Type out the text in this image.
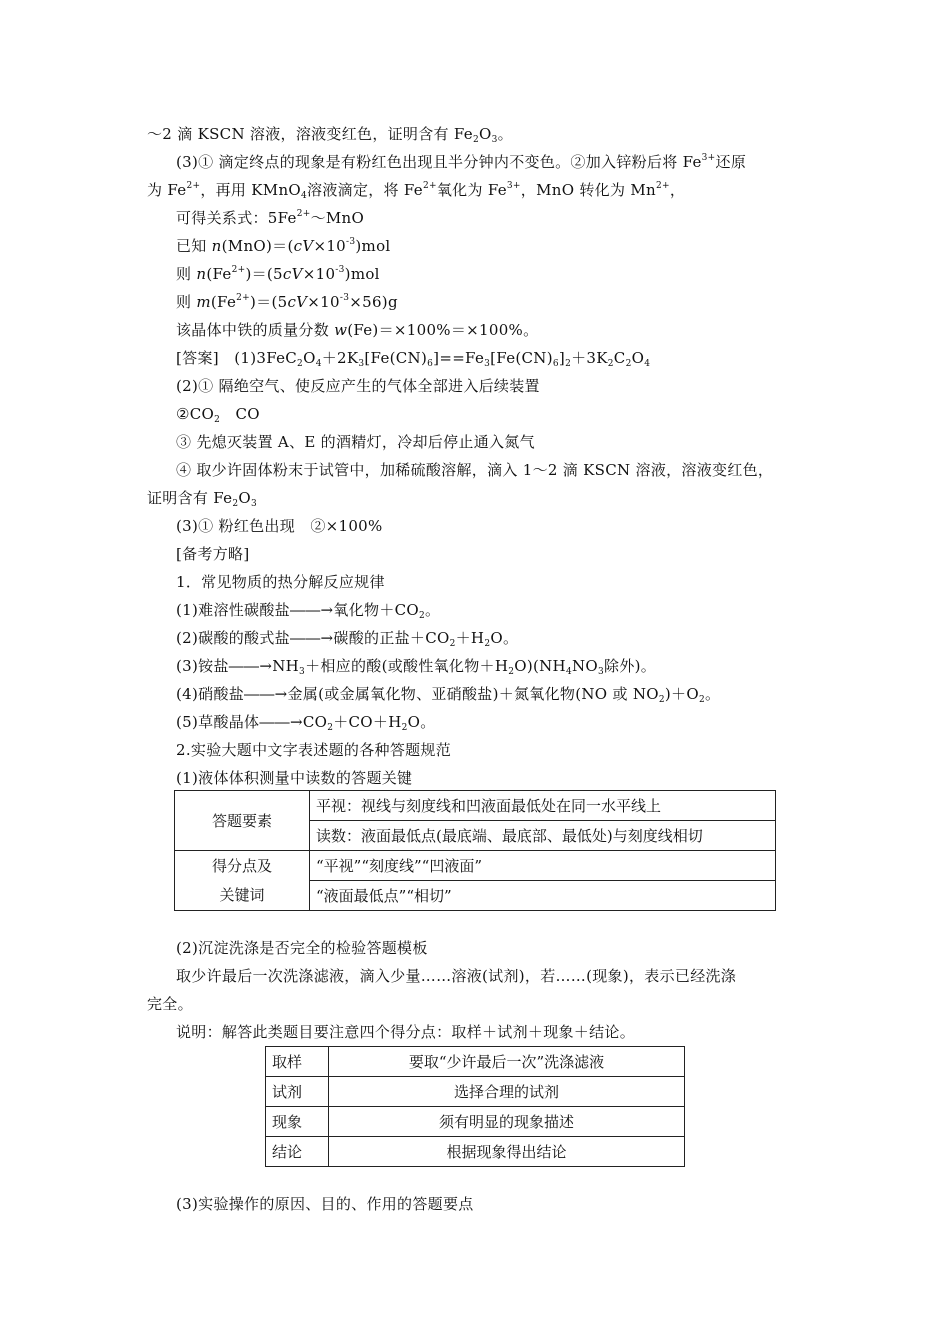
～2 滴 KSCN 溶液，溶液变红色，证明含有 $Fe_2O_3$。
(3)① 滴定终点的现象是有粉红色出现且半分钟内不变色。②加入锌粉后将 $Fe^{3+}$还原
为 $Fe^{2+}$，再用 KMnO$_4$溶液滴定，将 $Fe^{2+}$氧化为 $Fe^{3+}$，MnO 转化为 $Mn^{2+}$，
可得关系式：$5Fe^{2+}\sim MnO$
已知 $n(MnO)=(cV\times 10^{-3})mol$
则 $n(Fe^{2+})=(5cV\times 10^{-3})mol$
则 $m(Fe^{2+})=(5cV\times 10^{-3}\times 56)g$
该晶体中铁的质量分数 w(Fe)＝×100%＝×100%。
[答案]　$(1)3FeC_2O_4+2K_3[Fe(CN)_6]==Fe_3[Fe(CN)_6]_2+3K_2C_2O_4$
(2)① 隔绝空气、使反应产生的气体全部进入后续装置
$②CO_2$　CO
③ 先熄灭装置 A、E 的酒精灯，冷却后停止通入氮气
④ 取少许固体粉末于试管中，加稀硫酸溶解，滴入 1～2 滴 KSCN 溶液，溶液变红色，
证明含有 $Fe_2O_3$
(3)① 粉红色出现　②×100%
[备考方略]
1．常见物质的热分解反应规律
(1)难溶性碳酸盐――→氧化物$+CO_2$。
(2)碳酸的酸式盐――→碳酸的正盐$+CO_2+H_2O$。
(3)铵盐$――\to NH_3+$相应的酸(或酸性氧化物$+H_2O)(NH_4NO_3$除外)。
(4)硝酸盐――→金属(或金属氧化物、亚硝酸盐)＋氮氧化物(NO 或 $NO_2)+O_2$。
(5)草酸晶体$――\to CO_2+CO+H_2O$。
2.实验大题中文字表述题的各种答题规范
(1)液体体积测量中读数的答题关键
答题要素	平视：视线与刻度线和凹液面最低处在同一水平线上
	读数：液面最低点(最底端、最底部、最低处)与刻度线相切

得分点及
关键词	“平视”“刻度线”“凹液面”
	“液面最低点”“相切”
(2)沉淀洗涤是否完全的检验答题模板
取少许最后一次洗涤滤液，滴入少量……溶液(试剂)，若……(现象)，表示已经洗涤
完全。
说明：解答此类题目要注意四个得分点：取样＋试剂＋现象＋结论。
取样	要取“少许最后一次”洗涤滤液
试剂	选择合理的试剂
现象	须有明显的现象描述
结论	根据现象得出结论
(3)实验操作的原因、目的、作用的答题要点
